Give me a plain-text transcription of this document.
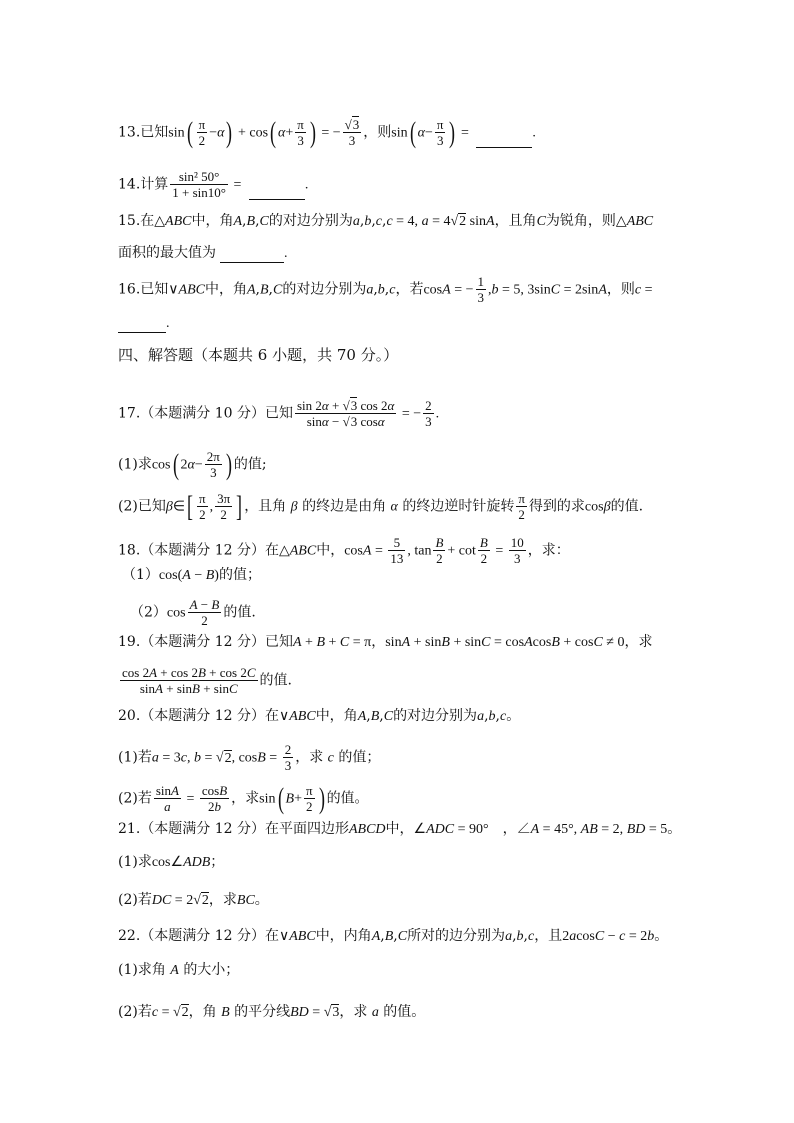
13.已知$\sin( \frac{\pi}{2} -\alpha) + \cos$( $\alpha+ \frac{\pi}{3}$ ) = − $\frac{√3}{3}$ ，则sin( $\alpha- \frac{\pi}{3}$ ) =	.
14.计算 $\frac{\text{sin² 50°}}{1 + \sin 10^\circ}$ =	.
15.在△ABC中，角A,B,C的对边分别为a,b,c,c = 4, a = 4√2 sinA，且角C为锐角，则△ABC
面积的最大值为	.
16.已知∨ABC中，角A,B,C的对边分别为a,b,c，若cosA = − $\frac{1}{3} ,b = 5$, 3sinC = 2sinA，则c =
.
四、解答题（本题共 6 小题，共 70 分。）
17.（本题满分 10 分）已知 $\frac{\sin 2\alpha + √3 \cos 2\alpha}{\sin\alpha - √3 \cos\alpha}$ = − $\frac{2}{3}$ .
(1)求cos( $2\alpha- \frac{2\pi}{3}$ ) 的值;
(2)已知β∈[ $\frac{\pi}{2}$ , $\frac{3\pi}{2}$ ] ，且角 β 的终边是由角 α 的终边逆时针旋转 $\frac{\pi}{2}$ 得到的求cosβ的值.
18.（本题满分 12 分）在△ABC中，$\cos A = \frac{5}{13}$ , $\tan \frac{B}{2} + \cot \frac{B}{2} = \frac{10}{3}$ ，求：
（1）cos(A − B)的值；
$(2)\cos \frac{A - B}{2}$ 的值.
19.（本题满分 12 分）已知A + B + C = π，sinA + sinB + sinC = cosAcosB + cosC ≠ 0，求
$\frac{\cos 2A + \cos 2B + \cos 2C}{\sin A + \sin B + \sin C}$ 的值.
20.（本题满分 12 分）在∨ABC中，角A,B,C的对边分别为a,b,c。
(1)若a = 3c, b = √2, $\cos B = \frac{2}{3}$ ，求 c 的值；
(2)若 $\frac{\sin A}{a} = \frac{\cos B}{2b}$ ，求sin( $B+ \frac{\pi}{2}$ ) 的值。
21.（本题满分 12 分）在平面四边形ABCD中，∠ADC = 90°　，∠A = 45°, AB = 2, BD = 5。
(1)求cos∠ADB；
(2)若DC = 2√2，求BC。
22.（本题满分 12 分）在∨ABC中，内角A,B,C所对的边分别为a,b,c，且2acosC − c = 2b。
(1)求角 A 的大小；
(2)若c = √2，角 B 的平分线BD = √3，求 a 的值。
